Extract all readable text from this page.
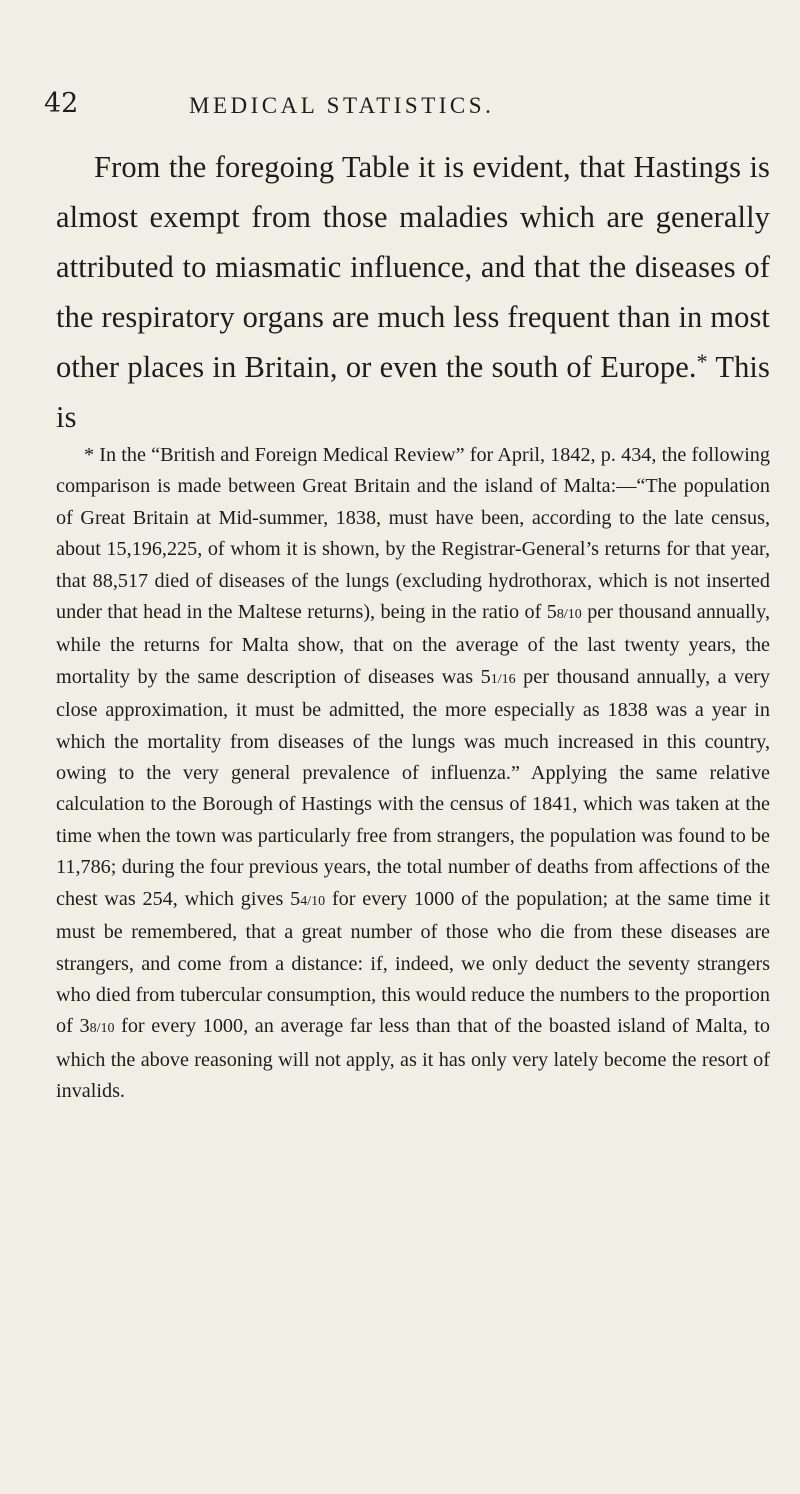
42	MEDICAL STATISTICS.

From the foregoing Table it is evident, that Hastings is almost exempt from those maladies which are generally attributed to miasmatic influence, and that the diseases of the respiratory organs are much less frequent than in most other places in Britain, or even the south of Europe.* This is

* In the “British and Foreign Medical Review” for April, 1842, p. 434, the following comparison is made between Great Britain and the island of Malta:—“The population of Great Britain at Mid-summer, 1838, must have been, according to the late census, about 15,196,225, of whom it is shown, by the Registrar-General’s returns for that year, that 88,517 died of diseases of the lungs (excluding hydrothorax, which is not inserted under that head in the Maltese returns), being in the ratio of 58/10 per thousand annually, while the returns for Malta show, that on the average of the last twenty years, the mortality by the same description of diseases was 51/16 per thousand annually, a very close approximation, it must be admitted, the more especially as 1838 was a year in which the mortality from diseases of the lungs was much increased in this country, owing to the very general prevalence of influenza.” Applying the same relative calculation to the Borough of Hastings with the census of 1841, which was taken at the time when the town was particularly free from strangers, the population was found to be 11,786; during the four previous years, the total number of deaths from affections of the chest was 254, which gives 54/10 for every 1000 of the population; at the same time it must be remembered, that a great number of those who die from these diseases are strangers, and come from a distance: if, indeed, we only deduct the seventy strangers who died from tubercular consumption, this would reduce the numbers to the proportion of 38/10 for every 1000, an average far less than that of the boasted island of Malta, to which the above reasoning will not apply, as it has only very lately become the resort of invalids.
